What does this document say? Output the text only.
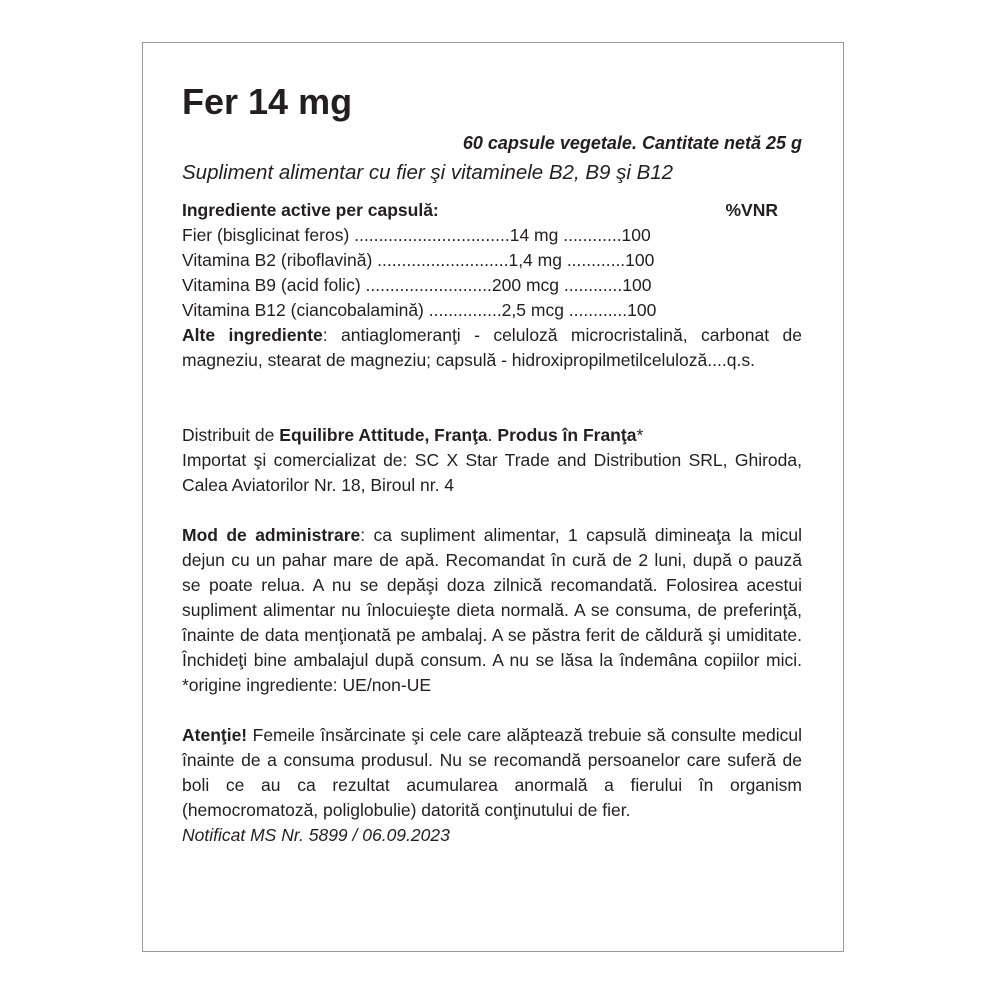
Fer 14 mg

60 capsule vegetale. Cantitate netă 25 g

Supliment alimentar cu fier şi vitaminele B2, B9 şi B12

Ingrediente active per capsulă:	%VNR
Fier (bisglicinat feros) ................................14 mg ............100
Vitamina B2 (riboflavină) ...........................1,4 mg ............100
Vitamina B9 (acid folic) ..........................200 mcg ............100
Vitamina B12 (ciancobalamină) ...............2,5 mcg ............100

Alte ingrediente: antiaglomeranţi - celuloză microcristalină, carbonat de magneziu, stearat de magneziu; capsulă - hidroxipropilmetilceluloză....q.s.

Distribuit de Equilibre Attitude, Franţa. Produs în Franţa*

Importat şi comercializat de: SC X Star Trade and Distribution SRL, Ghiroda, Calea Aviatorilor Nr. 18, Biroul nr. 4

Mod de administrare: ca supliment alimentar, 1 capsulă dimineaţa la micul dejun cu un pahar mare de apă. Recomandat în cură de 2 luni, după o pauză se poate relua. A nu se depăşi doza zilnică recomandată. Folosirea acestui supliment alimentar nu înlocuieşte dieta normală. A se consuma, de preferinţă, înainte de data menţionată pe ambalaj. A se păstra ferit de căldură şi umiditate. Închideţi bine ambalajul după consum. A nu se lăsa la îndemâna copiilor mici. *origine ingrediente: UE/non-UE

Atenţie! Femeile însărcinate şi cele care alăptează trebuie să consulte medicul înainte de a consuma produsul. Nu se recomandă persoanelor care suferă de boli ce au ca rezultat acumularea anormală a fierului în organism (hemocromatoză, poliglobulie) datorită conţinutului de fier.

Notificat MS Nr. 5899 / 06.09.2023
